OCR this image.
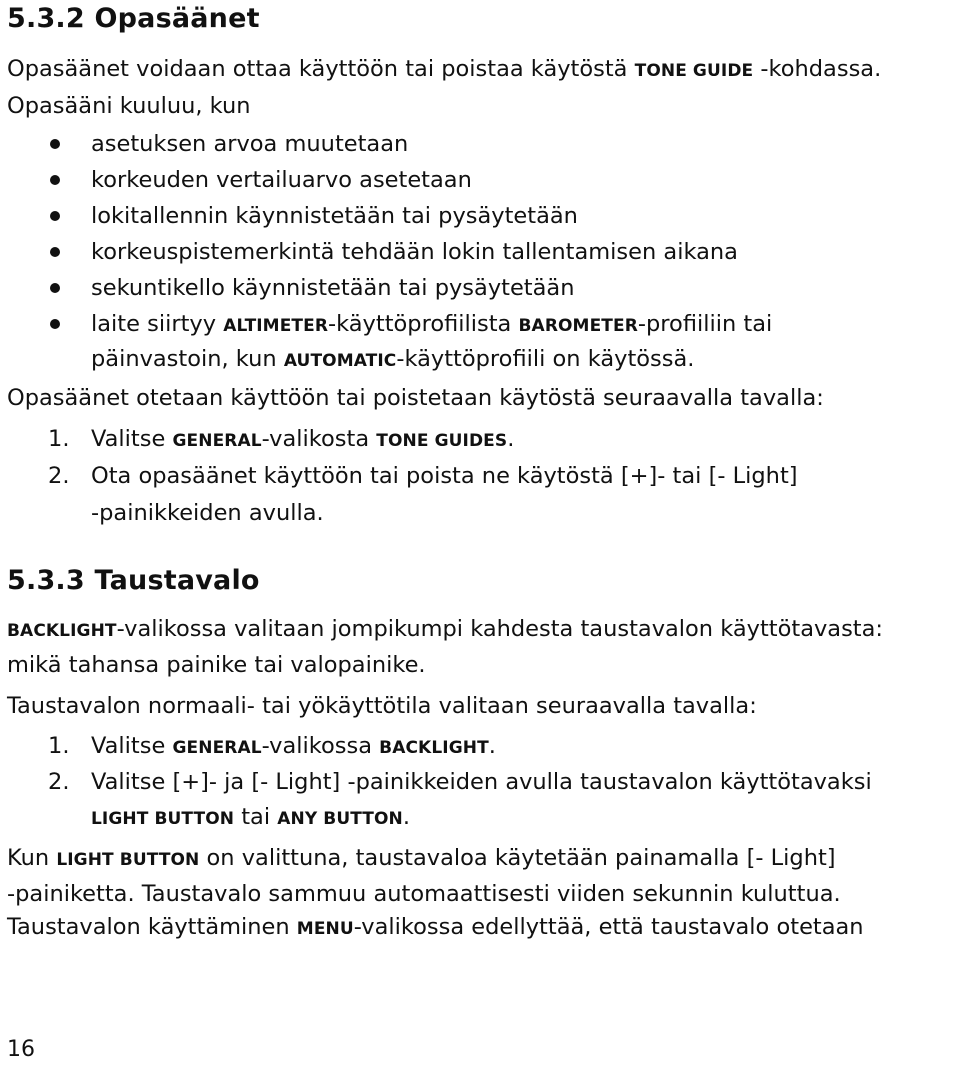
5.3.2 Opasäänet

Opasäänet voidaan ottaa käyttöön tai poistaa käytöstä TONE GUIDE -kohdassa.

Opasääni kuuluu, kun

asetuksen arvoa muutetaan

korkeuden vertailuarvo asetetaan

lokitallennin käynnistetään tai pysäytetään

korkeuspistemerkintä tehdään lokin tallentamisen aikana

sekuntikello käynnistetään tai pysäytetään

laite siirtyy ALTIMETER-käyttöprofiilista BAROMETER-profiiliin tai

päinvastoin, kun AUTOMATIC-käyttöprofiili on käytössä.

Opasäänet otetaan käyttöön tai poistetaan käytöstä seuraavalla tavalla:

1. Valitse GENERAL-valikosta TONE GUIDES.

2. Ota opasäänet käyttöön tai poista ne käytöstä [+]- tai [- Light]

-painikkeiden avulla.

5.3.3 Taustavalo

BACKLIGHT-valikossa valitaan jompikumpi kahdesta taustavalon käyttötavasta:

mikä tahansa painike tai valopainike.

Taustavalon normaali- tai yökäyttötila valitaan seuraavalla tavalla:

1. Valitse GENERAL-valikossa BACKLIGHT.

2. Valitse [+]- ja [- Light] -painikkeiden avulla taustavalon käyttötavaksi

LIGHT BUTTON tai ANY BUTTON.

Kun LIGHT BUTTON on valittuna, taustavaloa käytetään painamalla [- Light]

-painiketta. Taustavalo sammuu automaattisesti viiden sekunnin kuluttua.

Taustavalon käyttäminen MENU-valikossa edellyttää, että taustavalo otetaan

16
